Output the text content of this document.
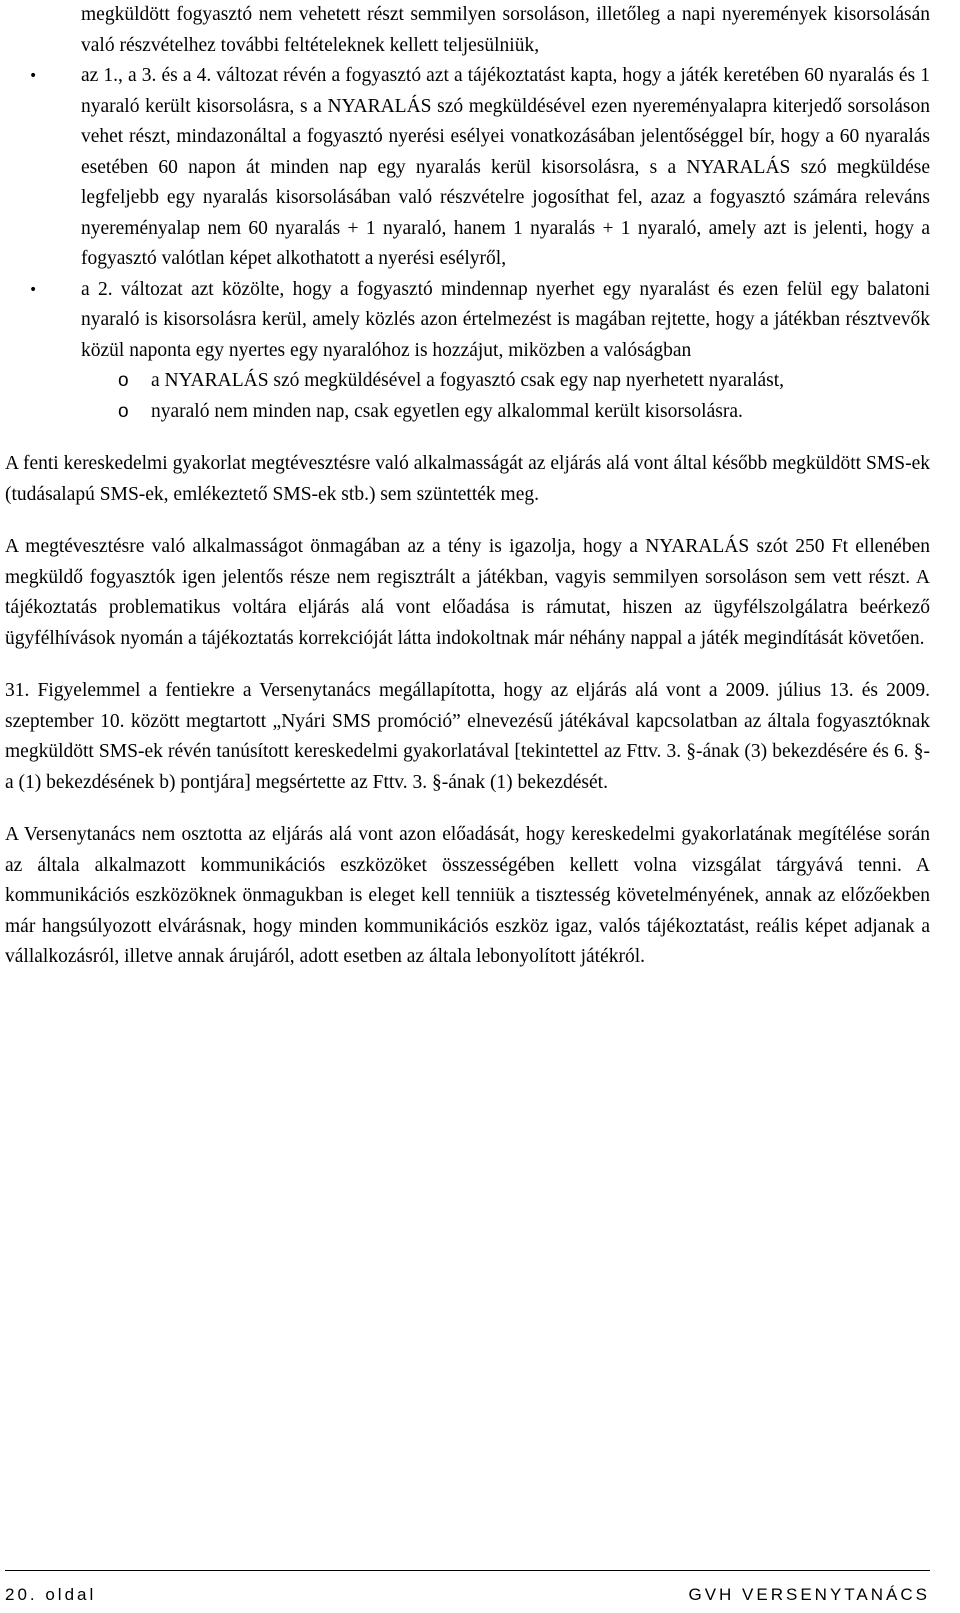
megküldött fogyasztó nem vehetett részt semmilyen sorsoláson, illetőleg a napi nyeremények kisorsolásán való részvételhez további feltételeknek kellett teljesülniük,

•	az 1., a 3. és a 4. változat révén a fogyasztó azt a tájékoztatást kapta, hogy a játék keretében 60 nyaralás és 1 nyaraló került kisorsolásra, s a NYARALÁS szó megküldésével ezen nyereményalapra kiterjedő sorsoláson vehet részt, mindazonáltal a fogyasztó nyerési esélyei vonatkozásában jelentőséggel bír, hogy a 60 nyaralás esetében 60 napon át minden nap egy nyaralás kerül kisorsolásra, s a NYARALÁS szó megküldése legfeljebb egy nyaralás kisorsolásában való részvételre jogosíthat fel, azaz a fogyasztó számára releváns nyereményalap nem 60 nyaralás + 1 nyaraló, hanem 1 nyaralás + 1 nyaraló, amely azt is jelenti, hogy a fogyasztó valótlan képet alkothatott a nyerési esélyről,

•	a 2. változat azt közölte, hogy a fogyasztó mindennap nyerhet egy nyaralást és ezen felül egy balatoni nyaraló is kisorsolásra kerül, amely közlés azon értelmezést is magában rejtette, hogy a játékban résztvevők közül naponta egy nyertes egy nyaralóhoz is hozzájut, miközben a valóságban

o a NYARALÁS szó megküldésével a fogyasztó csak egy nap nyerhetett nyaralást,

o nyaraló nem minden nap, csak egyetlen egy alkalommal került kisorsolásra.

A fenti kereskedelmi gyakorlat megtévesztésre való alkalmasságát az eljárás alá vont által később megküldött SMS-ek (tudásalapú SMS-ek, emlékeztető SMS-ek stb.) sem szüntették meg.

A megtévesztésre való alkalmasságot önmagában az a tény is igazolja, hogy a NYARALÁS szót 250 Ft ellenében megküldő fogyasztók igen jelentős része nem regisztrált a játékban, vagyis semmilyen sorsoláson sem vett részt. A tájékoztatás problematikus voltára eljárás alá vont előadása is rámutat, hiszen az ügyfélszolgálatra beérkező ügyfélhívások nyomán a tájékoztatás korrekcióját látta indokoltnak már néhány nappal a játék megindítását követően.

31. Figyelemmel a fentiekre a Versenytanács megállapította, hogy az eljárás alá vont a 2009. július 13. és 2009. szeptember 10. között megtartott „Nyári SMS promóció” elnevezésű játékával kapcsolatban az általa fogyasztóknak megküldött SMS-ek révén tanúsított kereskedelmi gyakorlatával [tekintettel az Fttv. 3. §-ának (3) bekezdésére és 6. §-a (1) bekezdésének b) pontjára] megsértette az Fttv. 3. §-ának (1) bekezdését.

A Versenytanács nem osztotta az eljárás alá vont azon előadását, hogy kereskedelmi gyakorlatának megítélése során az általa alkalmazott kommunikációs eszközöket összességében kellett volna vizsgálat tárgyává tenni. A kommunikációs eszközöknek önmagukban is eleget kell tenniük a tisztesség követelményének, annak az előzőekben már hangsúlyozott elvárásnak, hogy minden kommunikációs eszköz igaz, valós tájékoztatást, reális képet adjanak a vállalkozásról, illetve annak árujáról, adott esetben az általa lebonyolított játékról.

20. oldal	GVH VERSENYTANÁCS
